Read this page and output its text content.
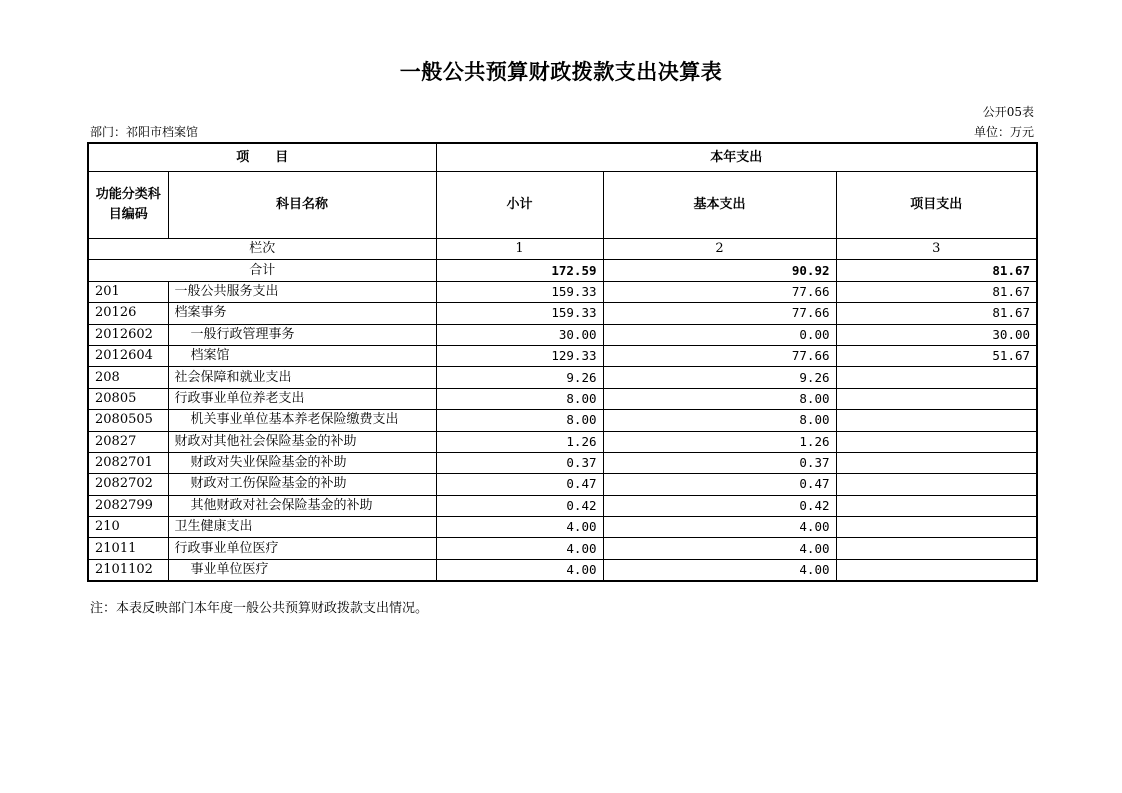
一般公共预算财政拨款支出决算表
公开05表
部门：祁阳市档案馆	单位：万元
项　　目		本年支出		
功能分类科目编码	科目名称	小计	基本支出	项目支出
栏次		1	2	3
合计		172.59	90.92	81.67
201	一般公共服务支出	159.33	77.66	81.67
20126	档案事务	159.33	77.66	81.67
2012602	一般行政管理事务	30.00	0.00	30.00
2012604	档案馆	129.33	77.66	51.67
208	社会保障和就业支出	9.26	9.26	
20805	行政事业单位养老支出	8.00	8.00	
2080505	机关事业单位基本养老保险缴费支出	8.00	8.00	
20827	财政对其他社会保险基金的补助	1.26	1.26	
2082701	财政对失业保险基金的补助	0.37	0.37	
2082702	财政对工伤保险基金的补助	0.47	0.47	
2082799	其他财政对社会保险基金的补助	0.42	0.42	
210	卫生健康支出	4.00	4.00	
21011	行政事业单位医疗	4.00	4.00	
2101102	事业单位医疗	4.00	4.00	
注：本表反映部门本年度一般公共预算财政拨款支出情况。
